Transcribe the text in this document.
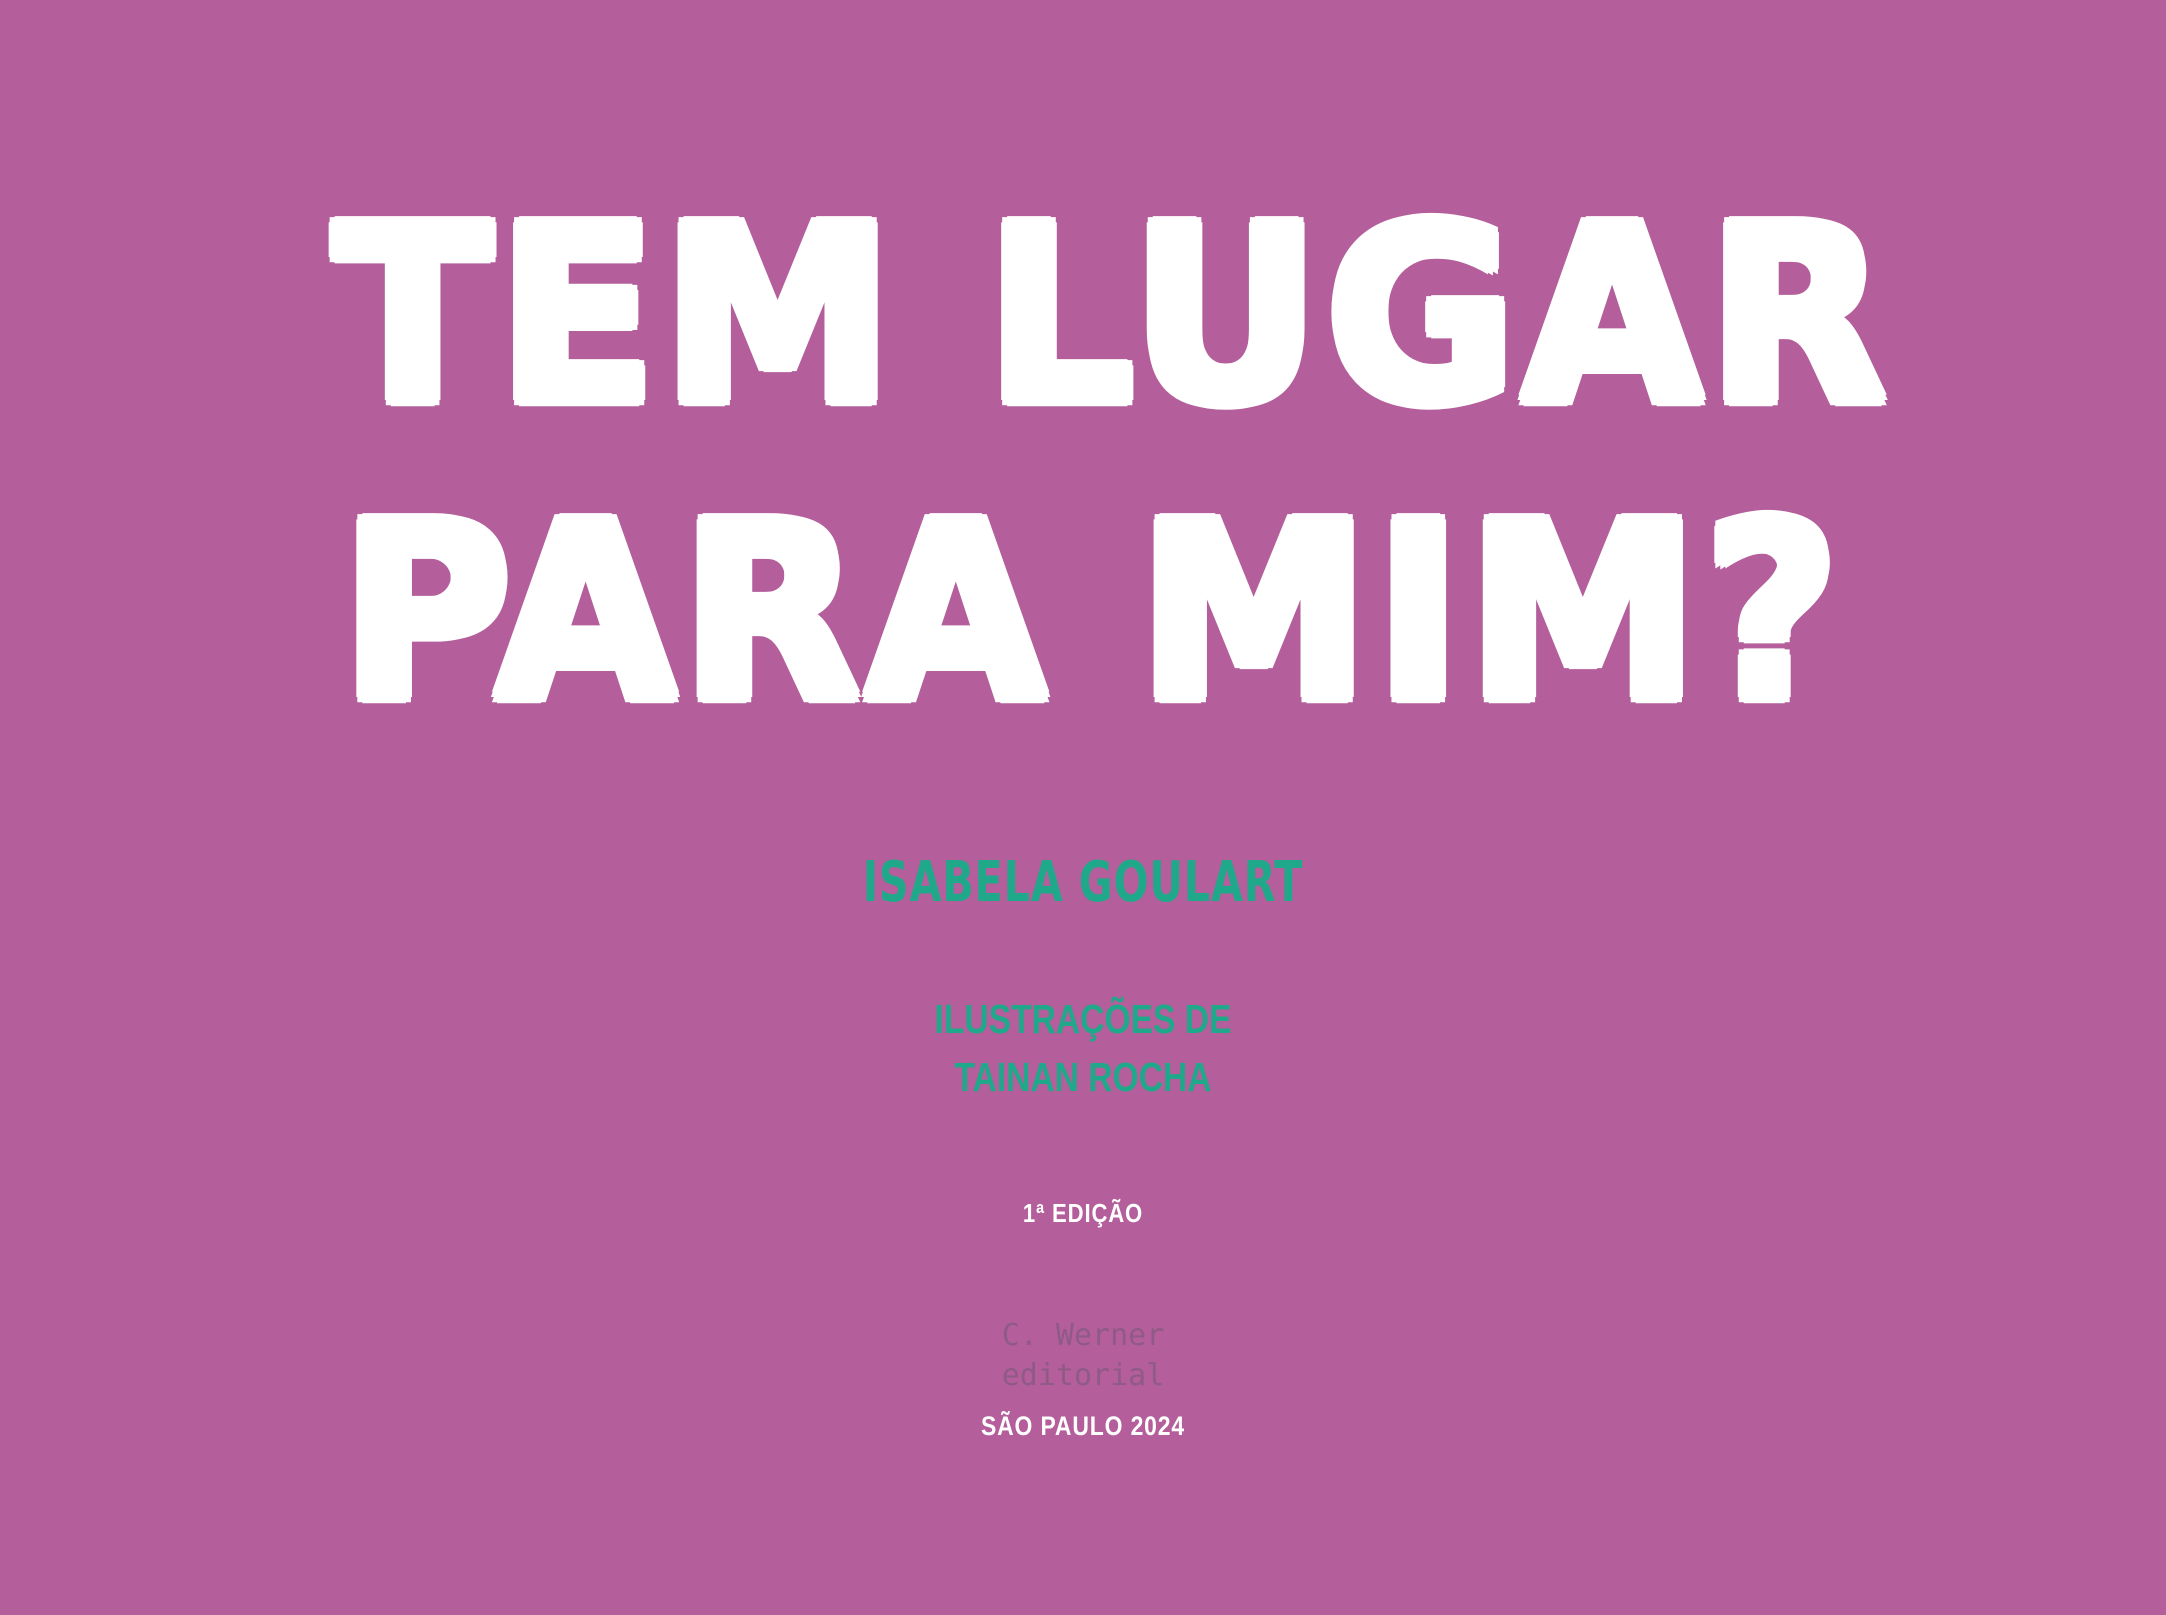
TEM LUGAR
PARA MIM?
ISABELA GOULART
ILUSTRAÇÕES DE
TAINAN ROCHA
1ª EDIÇÃO
C. Werner
editorial
SÃO PAULO 2024
